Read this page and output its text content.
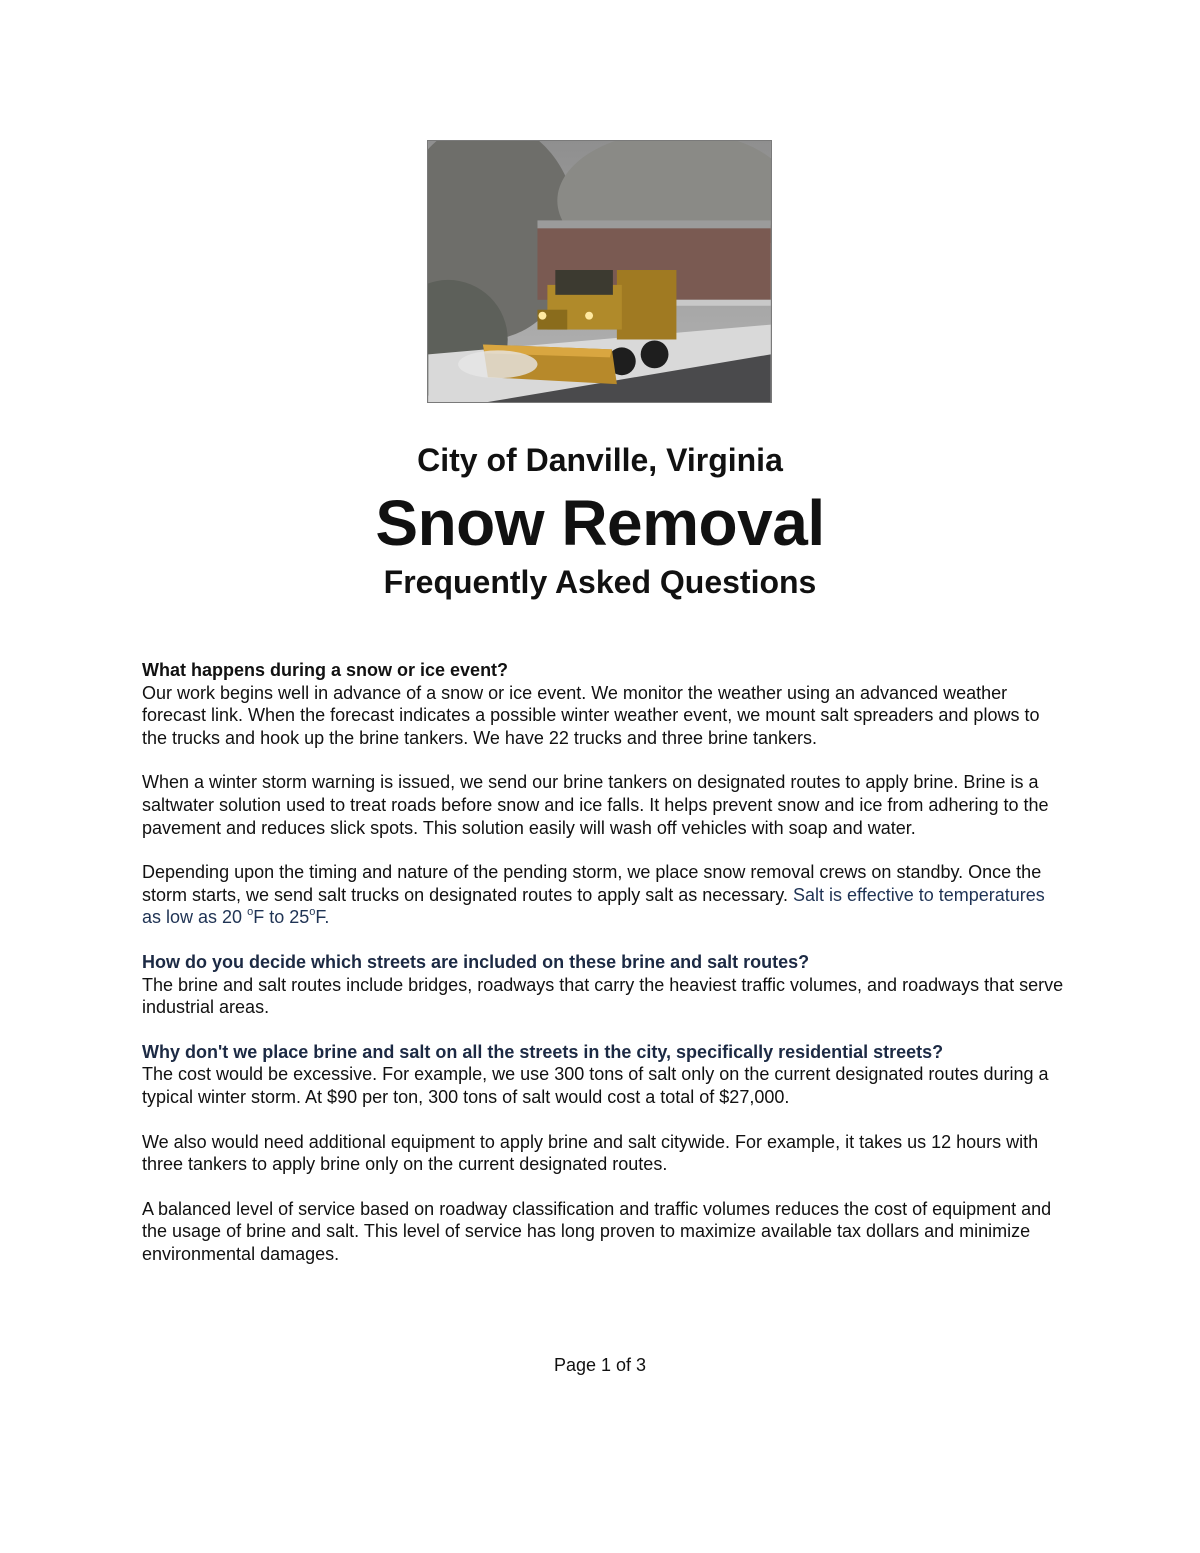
City of Danville, Virginia
Snow Removal
Frequently Asked Questions
What happens during a snow or ice event?

Our work begins well in advance of a snow or ice event. We monitor the weather using an advanced weather forecast link. When the forecast indicates a possible winter weather event, we mount salt spreaders and plows to the trucks and hook up the brine tankers. We have 22 trucks and three brine tankers.

When a winter storm warning is issued, we send our brine tankers on designated routes to apply brine. Brine is a saltwater solution used to treat roads before snow and ice falls. It helps prevent snow and ice from adhering to the pavement and reduces slick spots. This solution easily will wash off vehicles with soap and water.

Depending upon the timing and nature of the pending storm, we place snow removal crews on standby. Once the storm starts, we send salt trucks on designated routes to apply salt as necessary. Salt is effective to temperatures as low as 20 $^o$F to 25$^o$F.

How do you decide which streets are included on these brine and salt routes?

The brine and salt routes include bridges, roadways that carry the heaviest traffic volumes, and roadways that serve industrial areas.

Why don't we place brine and salt on all the streets in the city, specifically residential streets?

The cost would be excessive. For example, we use 300 tons of salt only on the current designated routes during a typical winter storm. At $90 per ton, 300 tons of salt would cost a total of $27,000.

We also would need additional equipment to apply brine and salt citywide. For example, it takes us 12 hours with three tankers to apply brine only on the current designated routes.

A balanced level of service based on roadway classification and traffic volumes reduces the cost of equipment and the usage of brine and salt. This level of service has long proven to maximize available tax dollars and minimize environmental damages.

Page 1 of 3
